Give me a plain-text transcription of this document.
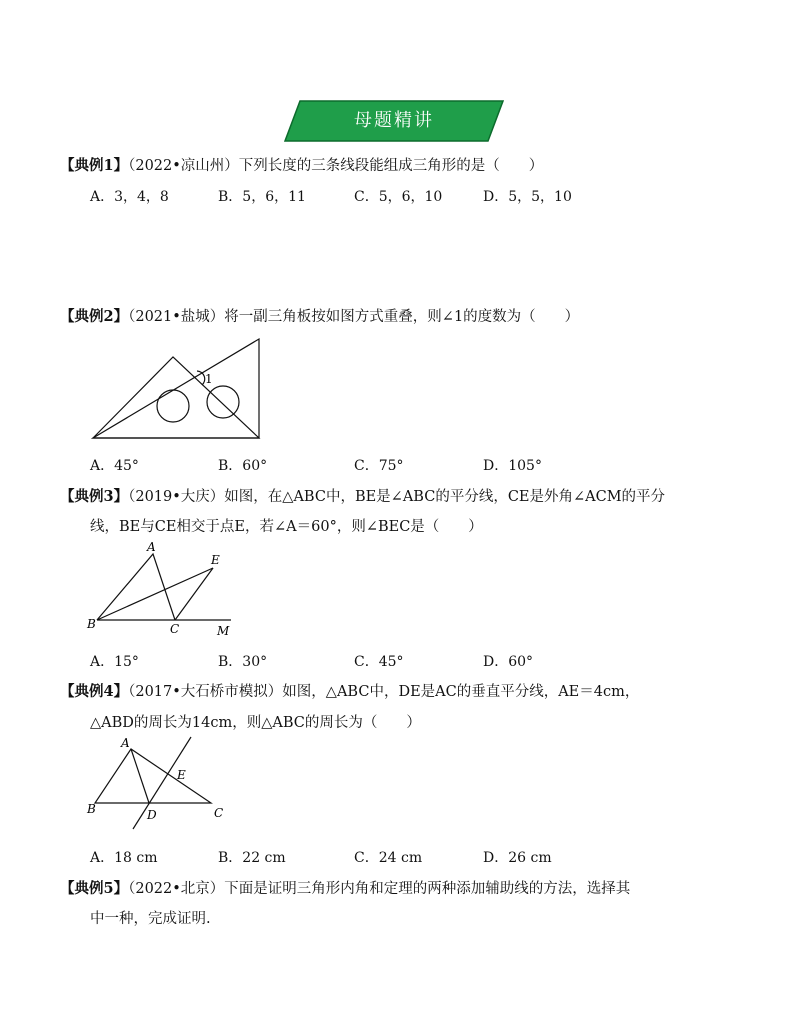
母题精讲
【典例1】（2022•凉山州）下列长度的三条线段能组成三角形的是（　　）
A．3，4，8	B．5，6，11	C．5，6，10	D．5，5，10
【典例2】（2021•盐城）将一副三角板按如图方式重叠，则∠1的度数为（　　）
1
A．45°	B．60°	C．75°	D．105°
【典例3】（2019•大庆）如图，在△ABC中，BE是∠ABC的平分线，CE是外角∠ACM的平分
线，BE与CE相交于点E，若∠A＝60°，则∠BEC是（　　）
A
B	C
E
M
A．15°	B．30°	C．45°	D．60°
【典例4】（2017•大石桥市模拟）如图，△ABC中，DE是AC的垂直平分线，AE＝4cm，
△ABD的周长为14cm，则△ABC的周长为（　　）
A
B	C
D
E
A．18 cm	B．22 cm	C．24 cm	D．26 cm
【典例5】（2022•北京）下面是证明三角形内角和定理的两种添加辅助线的方法，选择其
中一种，完成证明.
